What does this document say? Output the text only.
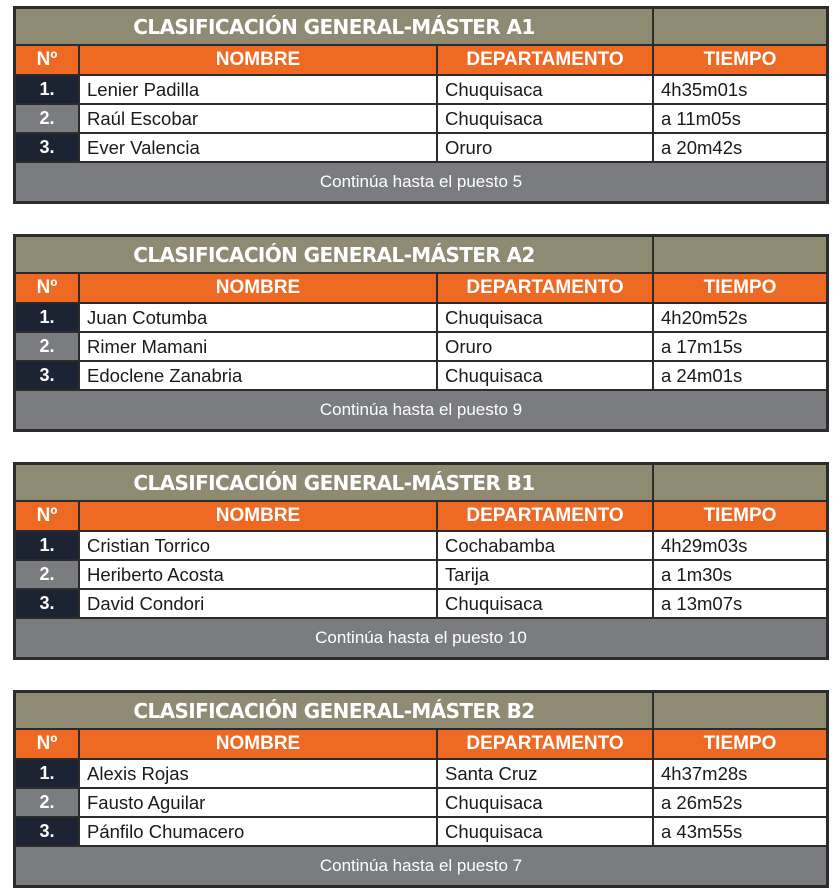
CLASIFICACIÓN GENERAL-MÁSTER A1
Nº	NOMBRE	DEPARTAMENTO	TIEMPO
1.	Lenier Padilla	Chuquisaca	4h35m01s
2.	Raúl Escobar	Chuquisaca	a 11m05s
3.	Ever Valencia	Oruro	a 20m42s
Continúa hasta el puesto 5
CLASIFICACIÓN GENERAL-MÁSTER A2
Nº	NOMBRE	DEPARTAMENTO	TIEMPO
1.	Juan Cotumba	Chuquisaca	4h20m52s
2.	Rimer Mamani	Oruro	a 17m15s
3.	Edoclene Zanabria	Chuquisaca	a 24m01s
Continúa hasta el puesto 9
CLASIFICACIÓN GENERAL-MÁSTER B1
Nº	NOMBRE	DEPARTAMENTO	TIEMPO
1.	Cristian Torrico	Cochabamba	4h29m03s
2.	Heriberto Acosta	Tarija	a 1m30s
3.	David Condori	Chuquisaca	a 13m07s
Continúa hasta el puesto 10
CLASIFICACIÓN GENERAL-MÁSTER B2
Nº	NOMBRE	DEPARTAMENTO	TIEMPO
1.	Alexis Rojas	Santa Cruz	4h37m28s
2.	Fausto Aguilar	Chuquisaca	a 26m52s
3.	Pánfilo Chumacero	Chuquisaca	a 43m55s
Continúa hasta el puesto 7
